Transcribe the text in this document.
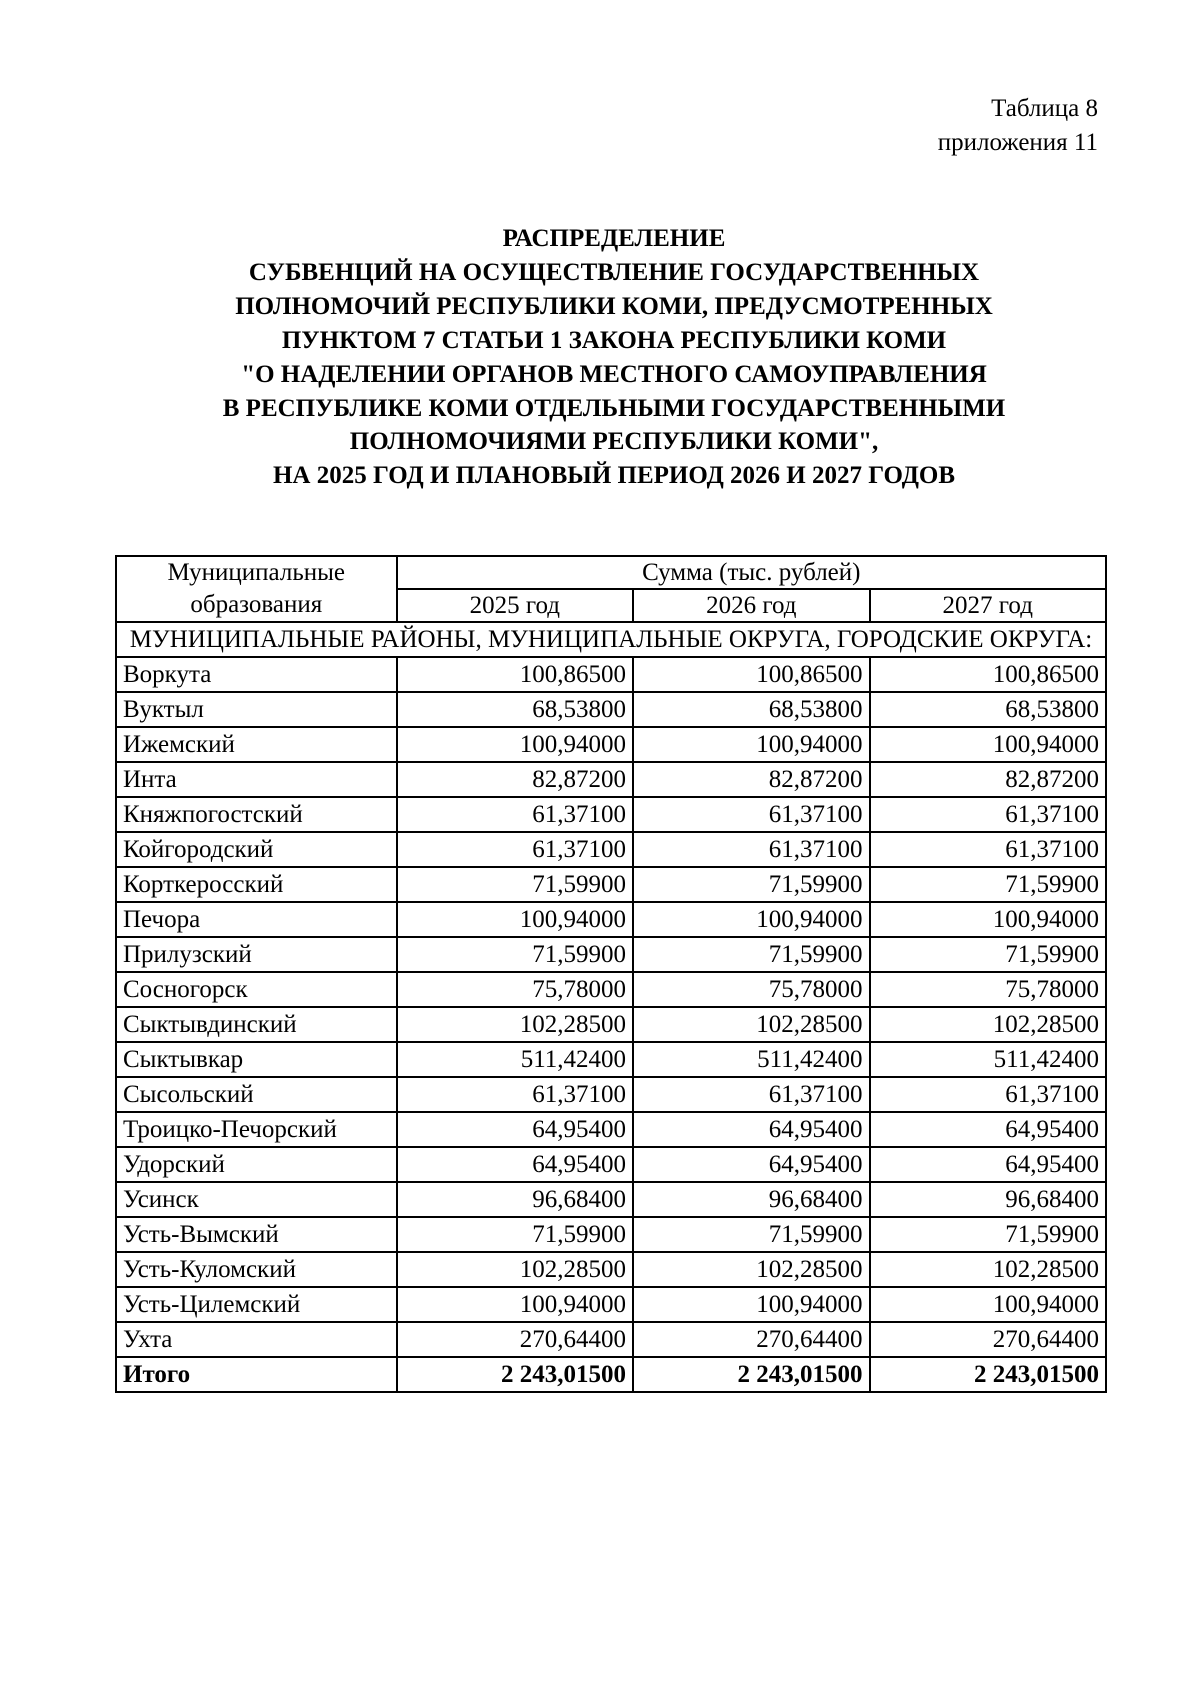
Таблица 8
приложения 11
РАСПРЕДЕЛЕНИЕ
СУБВЕНЦИЙ НА ОСУЩЕСТВЛЕНИЕ ГОСУДАРСТВЕННЫХ
ПОЛНОМОЧИЙ РЕСПУБЛИКИ КОМИ, ПРЕДУСМОТРЕННЫХ
ПУНКТОМ 7 СТАТЬИ 1 ЗАКОНА РЕСПУБЛИКИ КОМИ
"О НАДЕЛЕНИИ ОРГАНОВ МЕСТНОГО САМОУПРАВЛЕНИЯ
В РЕСПУБЛИКЕ КОМИ ОТДЕЛЬНЫМИ ГОСУДАРСТВЕННЫМИ
ПОЛНОМОЧИЯМИ РЕСПУБЛИКИ КОМИ",
НА 2025 ГОД И ПЛАНОВЫЙ ПЕРИОД 2026 И 2027 ГОДОВ
Муниципальные образования	Сумма (тыс. рублей)		
	2025 год	2026 год	2027 год
МУНИЦИПАЛЬНЫЕ РАЙОНЫ, МУНИЦИПАЛЬНЫЕ ОКРУГА, ГОРОДСКИЕ ОКРУГА:			
Воркута	100,86500	100,86500	100,86500
Вуктыл	68,53800	68,53800	68,53800
Ижемский	100,94000	100,94000	100,94000
Инта	82,87200	82,87200	82,87200
Княжпогостский	61,37100	61,37100	61,37100
Койгородский	61,37100	61,37100	61,37100
Корткеросский	71,59900	71,59900	71,59900
Печора	100,94000	100,94000	100,94000
Прилузский	71,59900	71,59900	71,59900
Сосногорск	75,78000	75,78000	75,78000
Сыктывдинский	102,28500	102,28500	102,28500
Сыктывкар	511,42400	511,42400	511,42400
Сысольский	61,37100	61,37100	61,37100
Троицко-Печорский	64,95400	64,95400	64,95400
Удорский	64,95400	64,95400	64,95400
Усинск	96,68400	96,68400	96,68400
Усть-Вымский	71,59900	71,59900	71,59900
Усть-Куломский	102,28500	102,28500	102,28500
Усть-Цилемский	100,94000	100,94000	100,94000
Ухта	270,64400	270,64400	270,64400
Итого	2 243,01500	2 243,01500	2 243,01500
